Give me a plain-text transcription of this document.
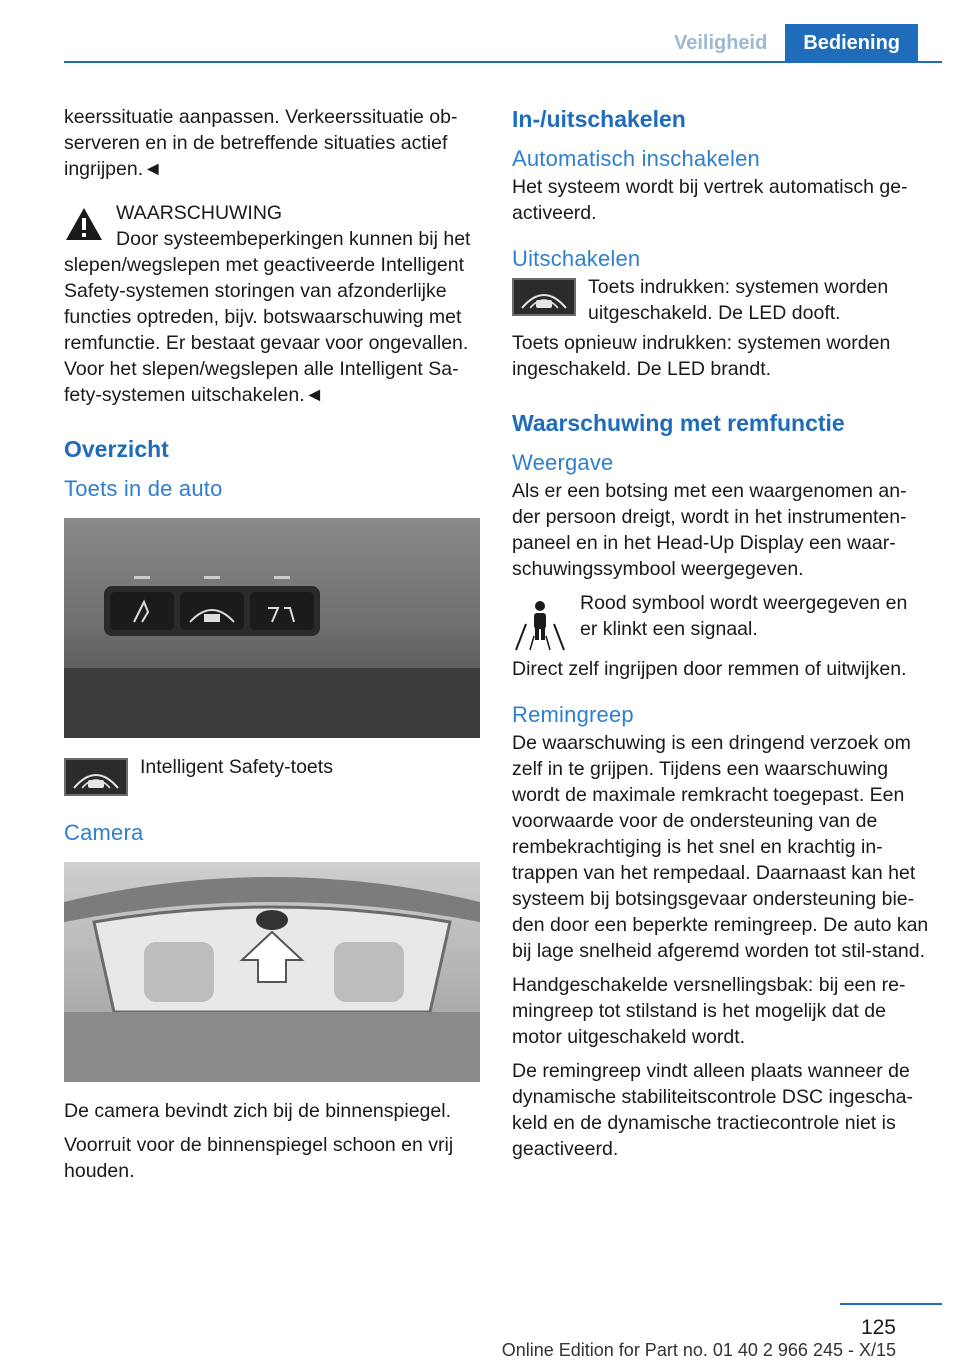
Veiligheid	Bediening

keerssituatie aanpassen. Verkeerssituatie ob-serveren en in de betreffende situaties actief ingrijpen.◄

WAARSCHUWING

Door systeembeperkingen kunnen bij het slepen/wegslepen met geactiveerde Intelligent Safety-systemen storingen van afzonderlijke functies optreden, bijv. botswaarschuwing met remfunctie. Er bestaat gevaar voor ongevallen. Voor het slepen/wegslepen alle Intelligent Sa-fety-systemen uitschakelen.◄

Overzicht
Toets in de auto
Intelligent Safety-toets
Camera

De camera bevindt zich bij de binnenspiegel.

Voorruit voor de binnenspiegel schoon en vrij houden.

In-/uitschakelen
Automatisch inschakelen

Het systeem wordt bij vertrek automatisch ge-activeerd.

Uitschakelen
Toets indrukken: systemen worden uitgeschakeld. De LED dooft.

Toets opnieuw indrukken: systemen worden ingeschakeld. De LED brandt.

Waarschuwing met remfunctie
Weergave

Als er een botsing met een waargenomen an-der persoon dreigt, wordt in het instrumenten-paneel en in het Head-Up Display een waar-schuwingssymbool weergegeven.

Rood symbool wordt weergegeven en er klinkt een signaal.

Direct zelf ingrijpen door remmen of uitwijken.

Remingreep

De waarschuwing is een dringend verzoek om zelf in te grijpen. Tijdens een waarschuwing wordt de maximale remkracht toegepast. Een voorwaarde voor de ondersteuning van de rembekrachtiging is het snel en krachtig in-trappen van het rempedaal. Daarnaast kan het systeem bij botsingsgevaar ondersteuning bie-den door een beperkte remingreep. De auto kan bij lage snelheid afgeremd worden tot stil-stand.

Handgeschakelde versnellingsbak: bij een re-mingreep tot stilstand is het mogelijk dat de motor uitgeschakeld wordt.

De remingreep vindt alleen plaats wanneer de dynamische stabiliteitscontrole DSC ingescha-keld en de dynamische tractiecontrole niet is geactiveerd.

125
Online Edition for Part no. 01 40 2 966 245 - X/15
